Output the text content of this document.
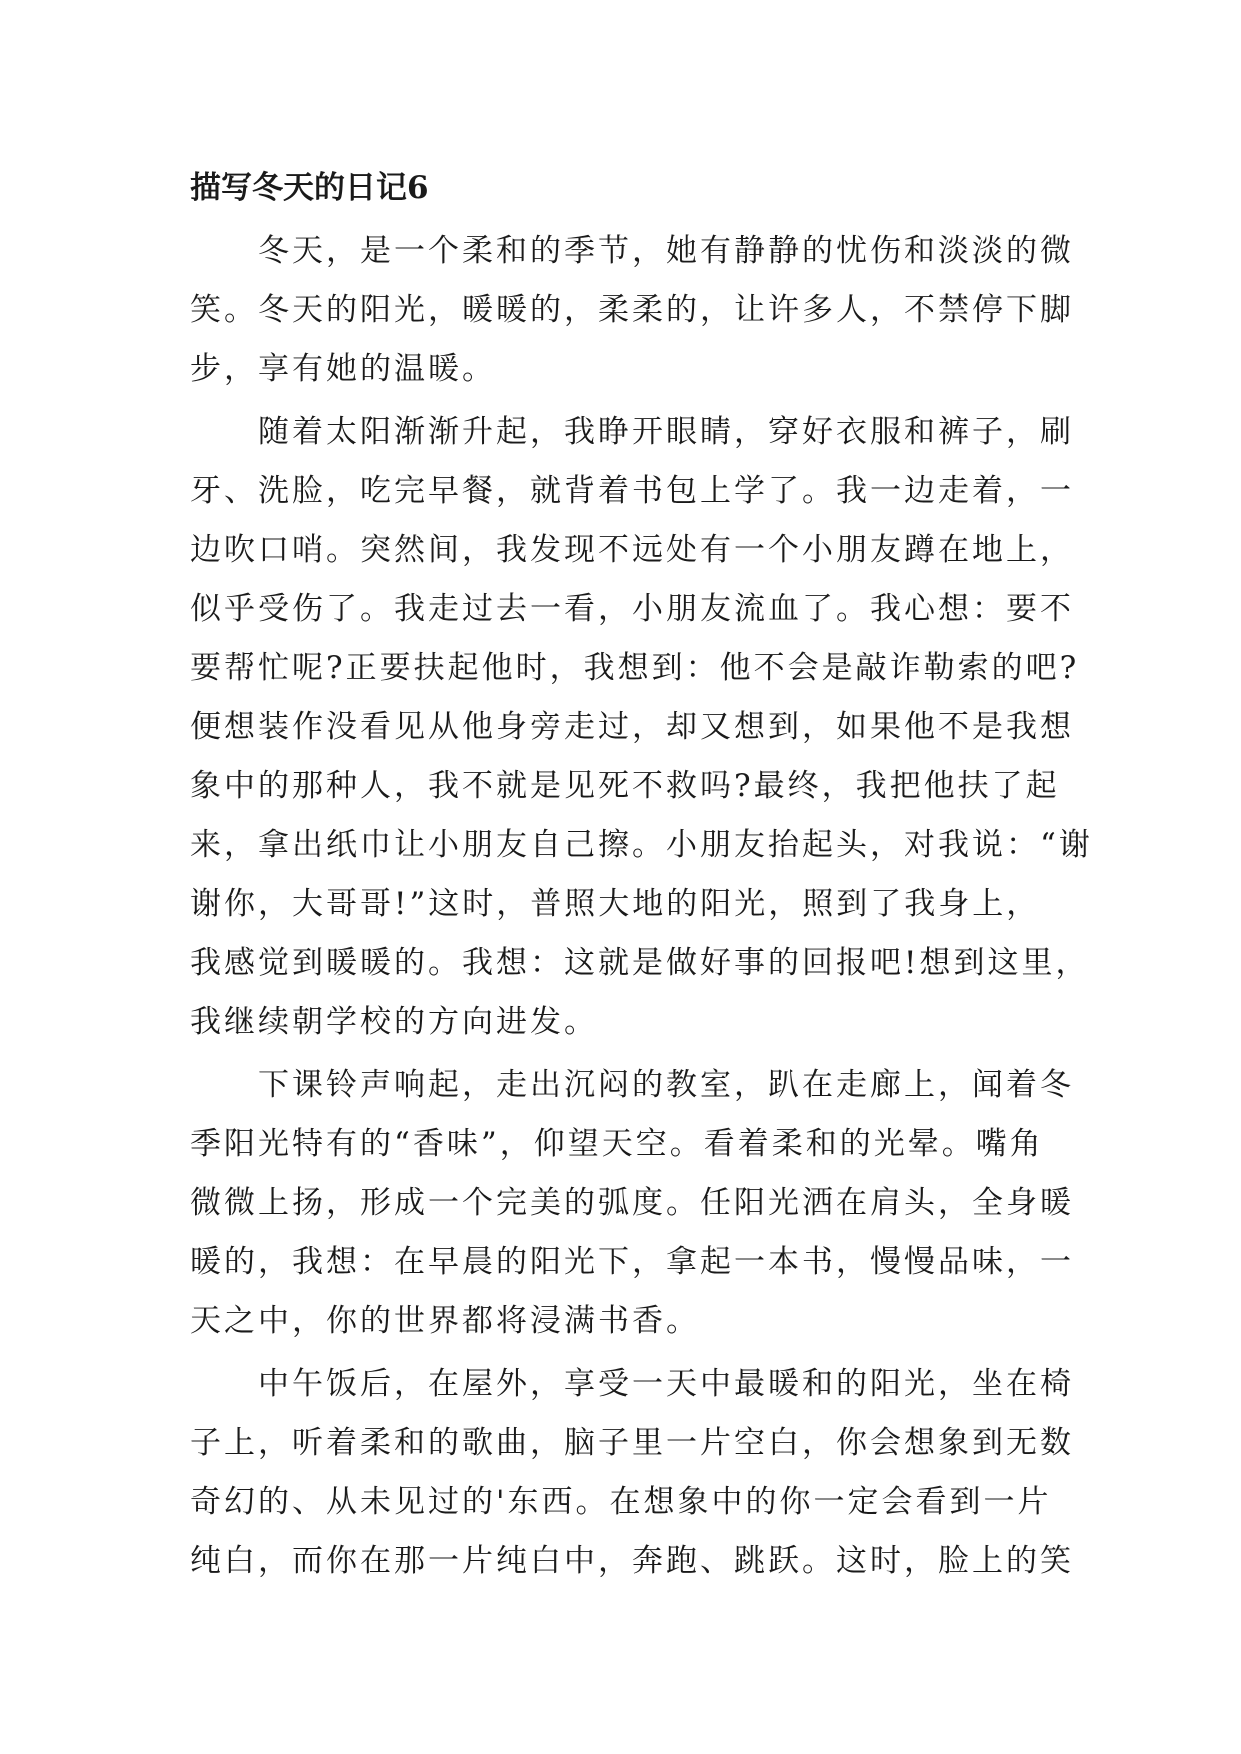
描写冬天的日记6
冬天，是一个柔和的季节，她有静静的忧伤和淡淡的微
笑。冬天的阳光，暖暖的，柔柔的，让许多人，不禁停下脚
步，享有她的温暖。
随着太阳渐渐升起，我睁开眼睛，穿好衣服和裤子，刷
牙、洗脸，吃完早餐，就背着书包上学了。我一边走着，一
边吹口哨。突然间，我发现不远处有一个小朋友蹲在地上，
似乎受伤了。我走过去一看，小朋友流血了。我心想：要不
要帮忙呢?正要扶起他时，我想到：他不会是敲诈勒索的吧?
便想装作没看见从他身旁走过，却又想到，如果他不是我想
象中的那种人，我不就是见死不救吗?最终，我把他扶了起
来，拿出纸巾让小朋友自己擦。小朋友抬起头，对我说：“谢
谢你，大哥哥!”这时，普照大地的阳光，照到了我身上，
我感觉到暖暖的。我想：这就是做好事的回报吧!想到这里，
我继续朝学校的方向进发。
下课铃声响起，走出沉闷的教室，趴在走廊上，闻着冬
季阳光特有的“香味”，仰望天空。看着柔和的光晕。嘴角
微微上扬，形成一个完美的弧度。任阳光洒在肩头，全身暖
暖的，我想：在早晨的阳光下，拿起一本书，慢慢品味，一
天之中，你的世界都将浸满书香。
中午饭后，在屋外，享受一天中最暖和的阳光，坐在椅
子上，听着柔和的歌曲，脑子里一片空白，你会想象到无数
奇幻的、从未见过的'东西。在想象中的你一定会看到一片
纯白，而你在那一片纯白中，奔跑、跳跃。这时，脸上的笑
